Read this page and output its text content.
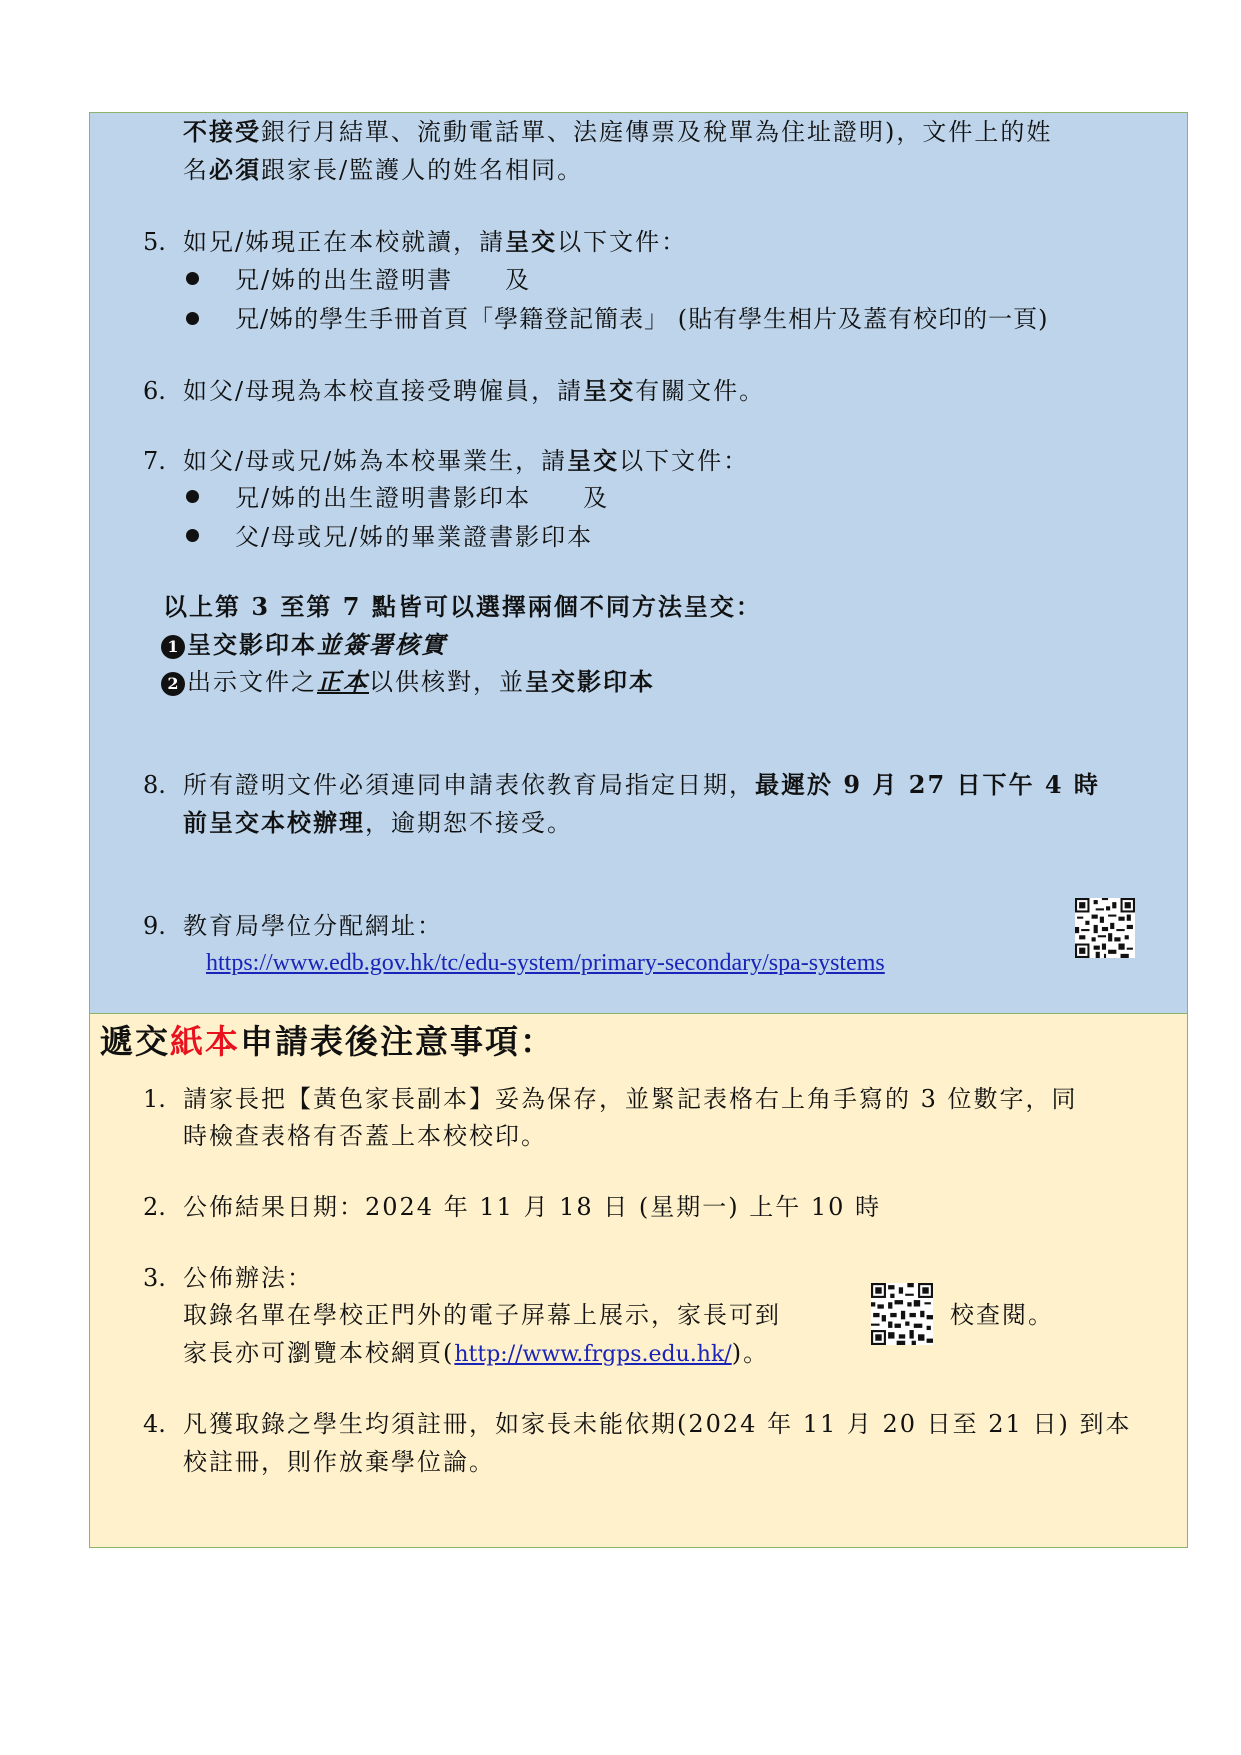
不接受銀行月結單、流動電話單、法庭傳票及稅單為住址證明)，文件上的姓
名必須跟家長/監護人的姓名相同。
5. 如兄/姊現正在本校就讀，請呈交以下文件：
兄/姊的出生證明書　　及
兄/姊的學生手冊首頁「學籍登記簡表」 (貼有學生相片及蓋有校印的一頁)
6. 如父/母現為本校直接受聘僱員，請呈交有關文件。
7. 如父/母或兄/姊為本校畢業生，請呈交以下文件：
兄/姊的出生證明書影印本　　及
父/母或兄/姊的畢業證書影印本
以上第 3 至第 7 點皆可以選擇兩個不同方法呈交：
1 呈交影印本並簽署核實
2 出示文件之正本以供核對，並呈交影印本
8. 所有證明文件必須連同申請表依教育局指定日期，最遲於 9 月 27 日下午 4 時
前呈交本校辦理，逾期恕不接受。
9. 教育局學位分配網址：
https://www.edb.gov.hk/tc/edu-system/primary-secondary/spa-systems
遞交紙本申請表後注意事項：
1. 請家長把【黃色家長副本】妥為保存，並緊記表格右上角手寫的 3 位數字，同
時檢查表格有否蓋上本校校印。
2. 公佈結果日期：2024 年 11 月 18 日 (星期一) 上午 10 時
3. 公佈辦法：
取錄名單在學校正門外的電子屏幕上展示，家長可到	校查閱。
家長亦可瀏覽本校網頁(http://www.frgps.edu.hk/)。
4. 凡獲取錄之學生均須註冊，如家長未能依期(2024 年 11 月 20 日至 21 日) 到本
校註冊，則作放棄學位論。
